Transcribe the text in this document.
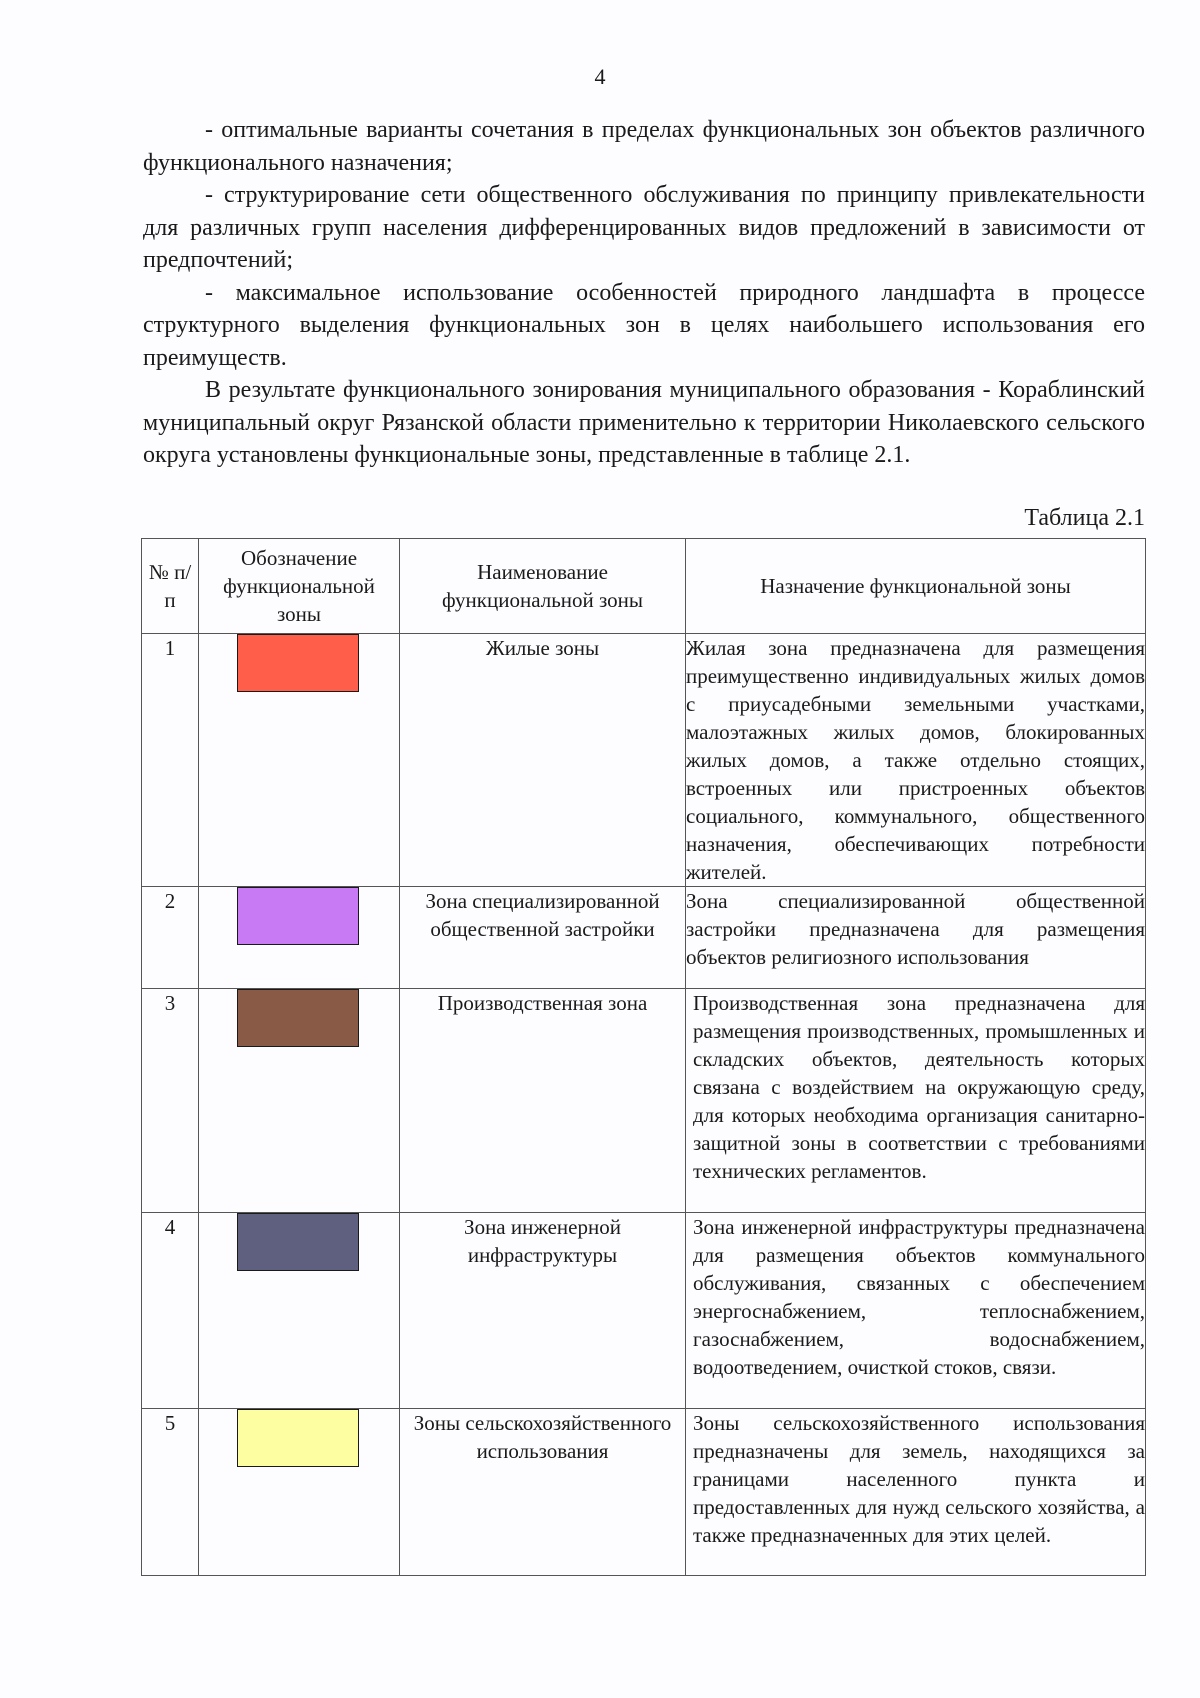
4

- оптимальные варианты сочетания в пределах функциональных зон объектов различного функционального назначения;

- структурирование сети общественного обслуживания по принципу привлекательности для различных групп населения дифференцированных видов предложений в зависимости от предпочтений;

- максимальное использование особенностей природного ландшафта в процессе структурного выделения функциональных зон в целях наибольшего использования его преимуществ.

В результате функционального зонирования муниципального образования - Кораблинский муниципальный округ Рязанской области применительно к территории Николаевского сельского округа установлены функциональные зоны, представленные в таблице 2.1.

Таблица 2.1
№ п/п	Обозначение функциональной зоны	Наименование функциональной зоны	Назначение функциональной зоны
1		Жилые зоны	Жилая зона предназначена для размещения преимущественно индивидуальных жилых домов с приусадебными земельными участками, малоэтажных жилых домов, блокированных жилых домов, а также отдельно стоящих, встроенных или пристроенных объектов социального, коммунального, общественного назначения, обеспечивающих потребности жителей.
2		Зона специализированной общественной застройки	Зона специализированной общественной застройки предназначена для размещения объектов религиозного использования
3		Производственная зона	Производственная зона предназначена для размещения производственных, промышленных и складских объектов, деятельность которых связана с воздействием на окружающую среду, для которых необходима организация санитарно-защитной зоны в соответствии с требованиями технических регламентов.
4		Зона инженерной инфраструктуры	Зона инженерной инфраструктуры предназначена для размещения объектов коммунального обслуживания, связанных с обеспечением энергоснабжением, теплоснабжением, газоснабжением, водоснабжением, водоотведением, очисткой стоков, связи.
5		Зоны сельскохозяйственного использования	Зоны сельскохозяйственного использования предназначены для земель, находящихся за границами населенного пункта и предоставленных для нужд сельского хозяйства, а также предназначенных для этих целей.
